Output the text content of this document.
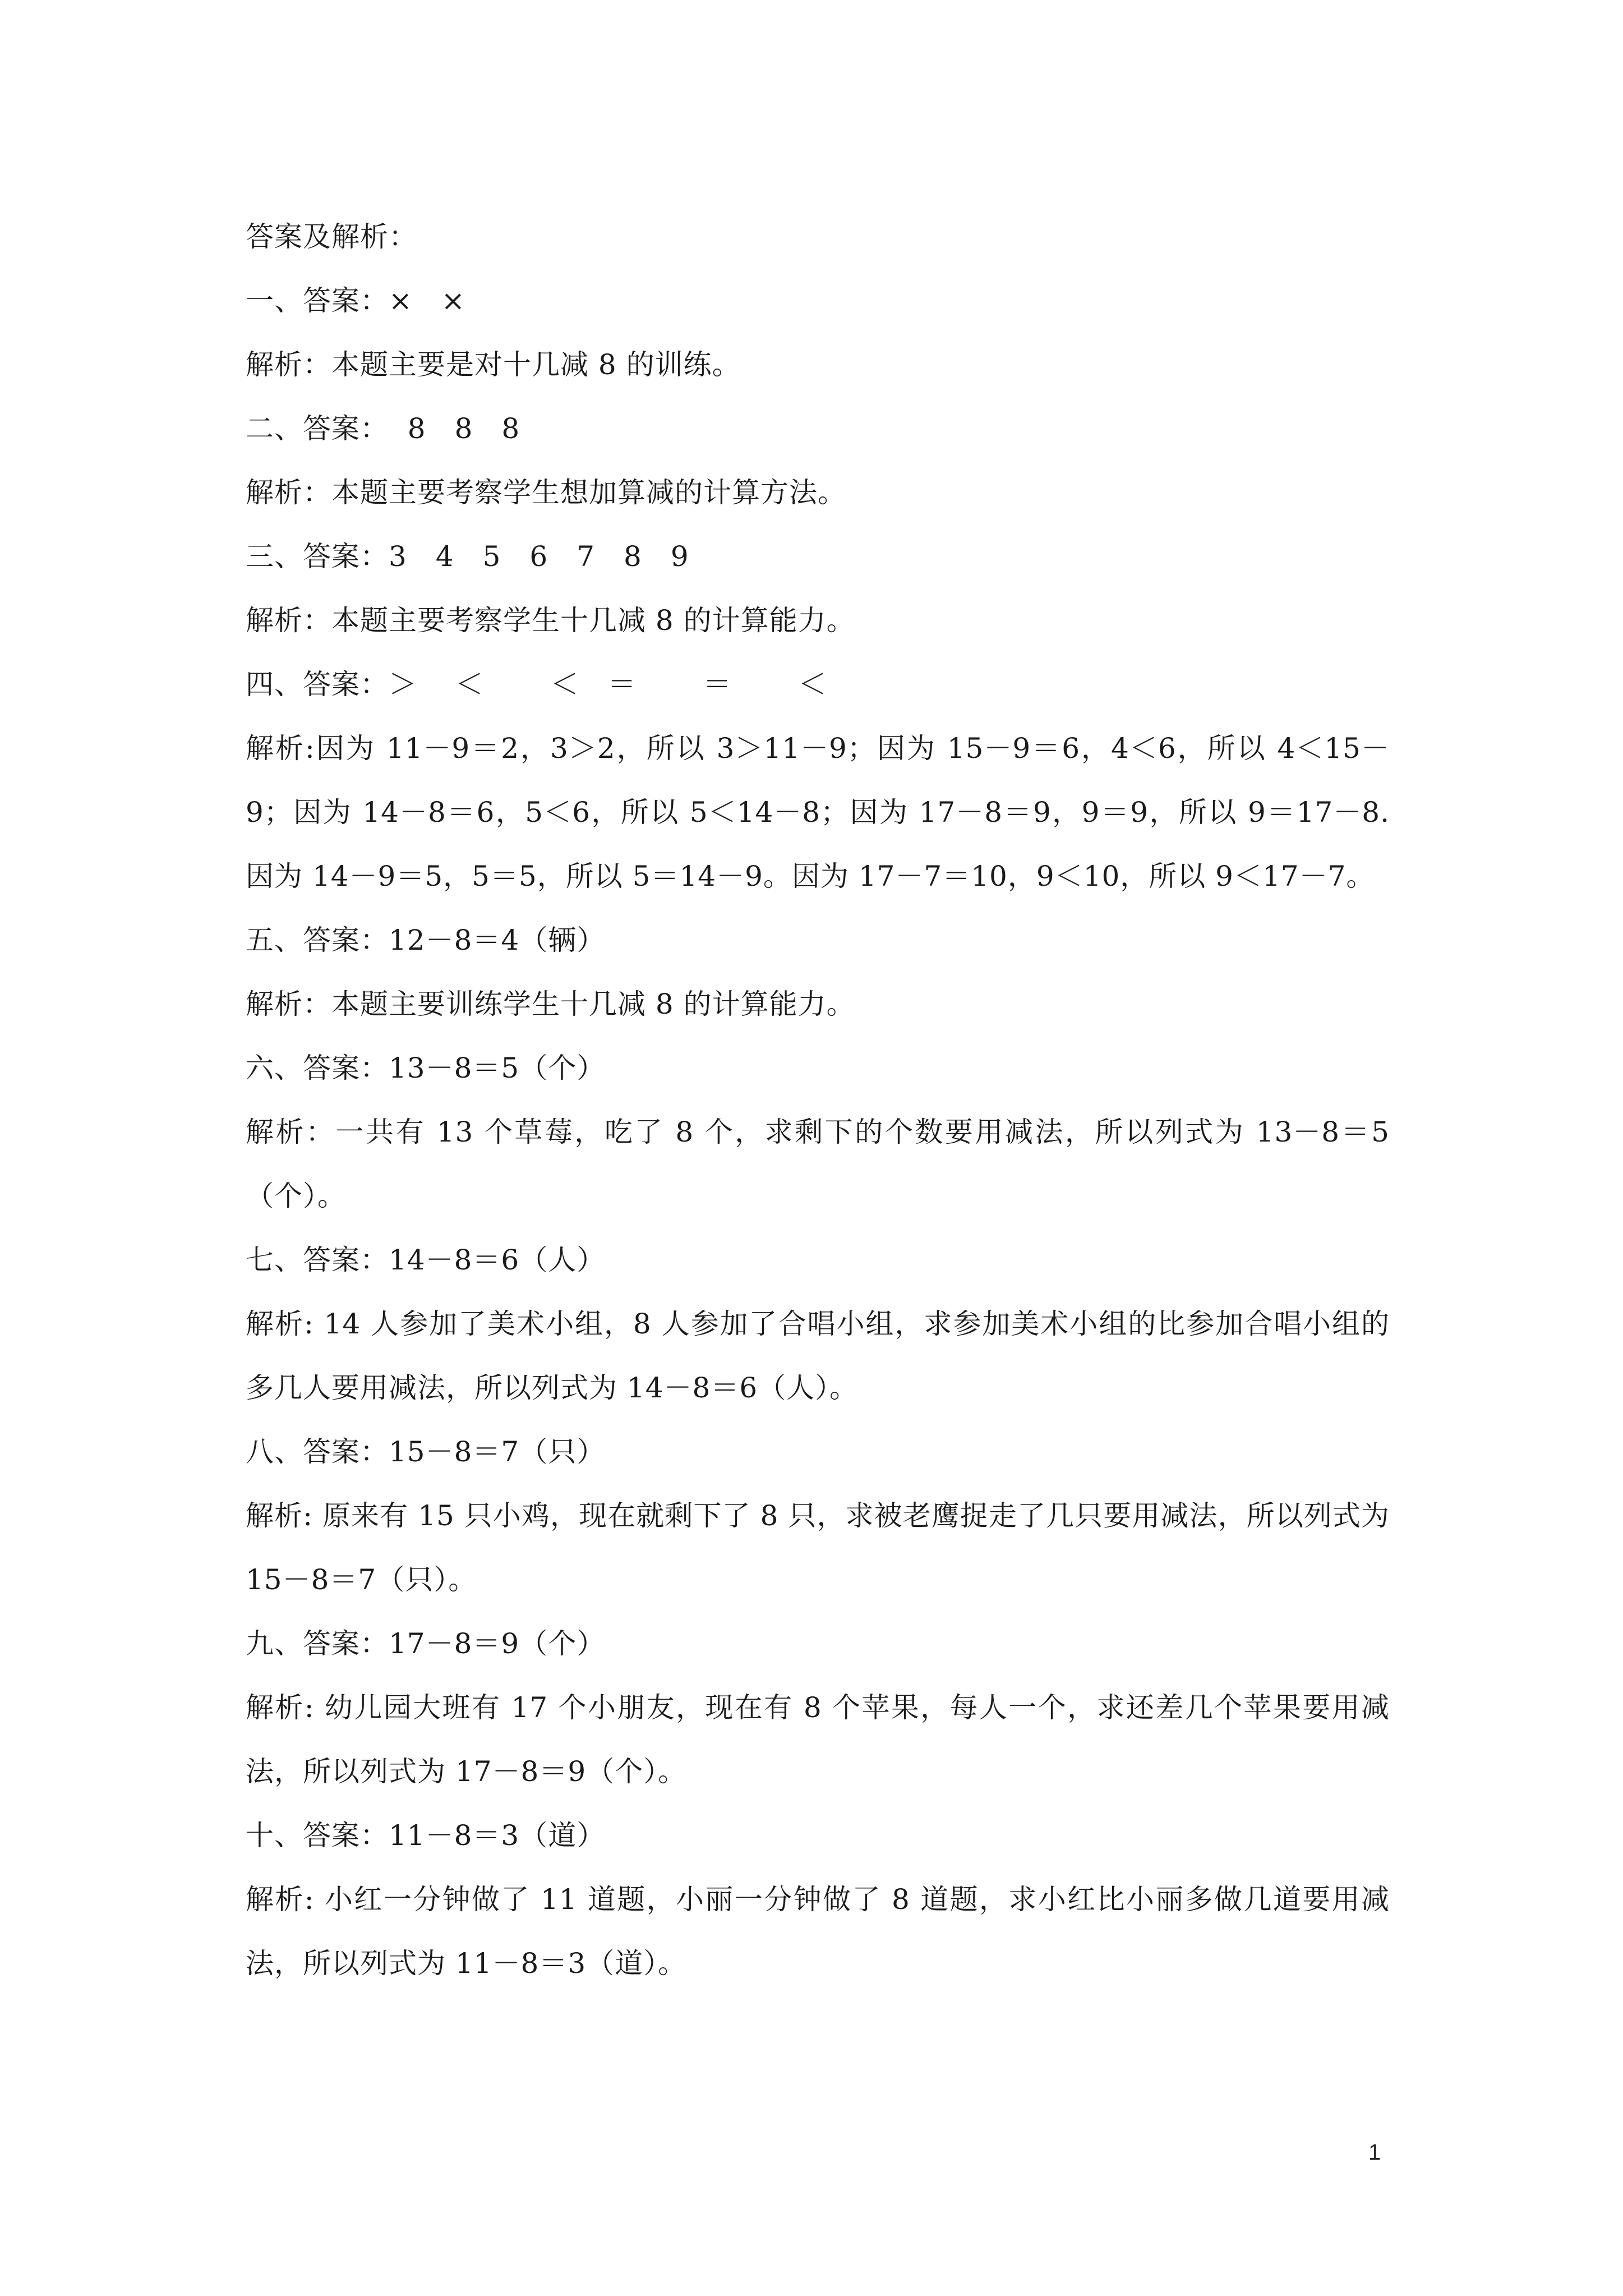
答案及解析：
一、答案：×　×
解析：本题主要是对十几减 8 的训练。
二、答案：  8　8　8
解析：本题主要考察学生想加算减的计算方法。
三、答案：3　4　5　6　7　8　9
解析：本题主要考察学生十几减 8 的计算能力。
四、答案：＞　 ＜　 　＜　＝　 　＝　 　＜
解析:因为 11－9＝2，3＞2，所以 3＞11－9；因为 15－9＝6，4＜6，所以 4＜15－9；因为 14－8＝6，5＜6，所以 5＜14－8；因为 17－8＝9，9＝9，所以 9＝17－8.因为 14－9＝5，5＝5，所以 5＝14－9。因为 17－7＝10，9＜10，所以 9＜17－7。
五、答案：12－8＝4（辆）
解析：本题主要训练学生十几减 8 的计算能力。
六、答案：13－8＝5（个）
解析：一共有 13 个草莓，吃了 8 个，求剩下的个数要用减法，所以列式为 13－8＝5（个）。
七、答案：14－8＝6（人）
解析: 14 人参加了美术小组，8 人参加了合唱小组，求参加美术小组的比参加合唱小组的多几人要用减法，所以列式为 14－8＝6（人）。
八、答案：15－8＝7（只）
解析: 原来有 15 只小鸡，现在就剩下了 8 只，求被老鹰捉走了几只要用减法，所以列式为 15－8＝7（只）。
九、答案：17－8＝9（个）
解析: 幼儿园大班有 17 个小朋友，现在有 8 个苹果，每人一个，求还差几个苹果要用减法，所以列式为 17－8＝9（个）。
十、答案：11－8＝3（道）
解析: 小红一分钟做了 11 道题，小丽一分钟做了 8 道题，求小红比小丽多做几道要用减法，所以列式为 11－8＝3（道）。
1
